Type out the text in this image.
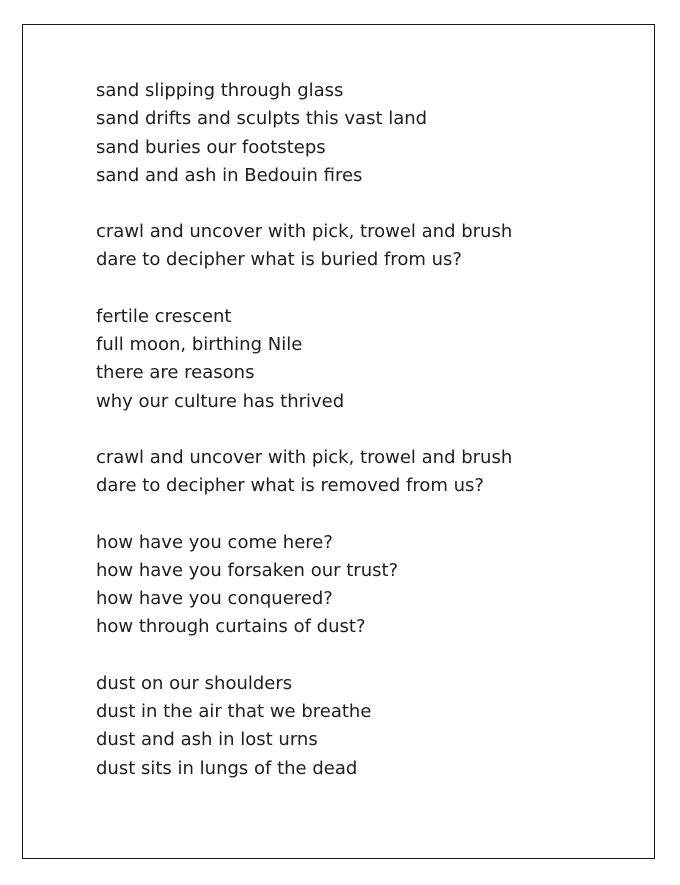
sand slipping through glass
sand drifts and sculpts this vast land
sand buries our footsteps
sand and ash in Bedouin fires
crawl and uncover with pick, trowel and brush
dare to decipher what is buried from us?
fertile crescent
full moon, birthing Nile
there are reasons
why our culture has thrived
crawl and uncover with pick, trowel and brush
dare to decipher what is removed from us?
how have you come here?
how have you forsaken our trust?
how have you conquered?
how through curtains of dust?
dust on our shoulders
dust in the air that we breathe
dust and ash in lost urns
dust sits in lungs of the dead
